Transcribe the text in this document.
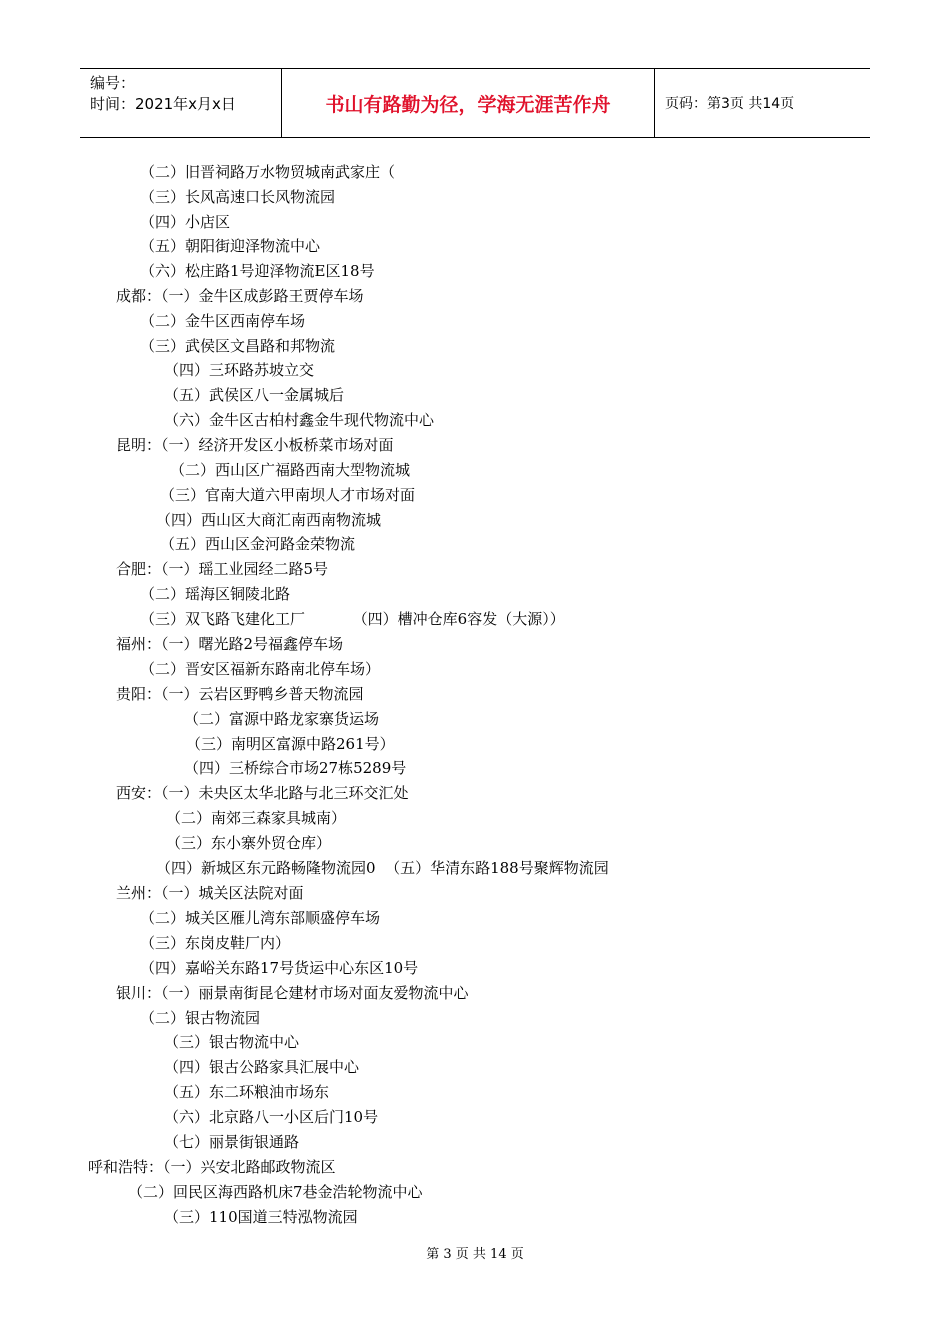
编号：
时间：2021年x月x日	书山有路勤为径，学海无涯苦作舟	页码：第3页 共14页
（二）旧晋祠路万水物贸城南武家庄（
（三）长风高速口长风物流园
（四）小店区
（五）朝阳街迎泽物流中心
（六）松庄路1号迎泽物流E区18号
成都：（一）金牛区成彭路王贾停车场
（二）金牛区西南停车场
（三）武侯区文昌路和邦物流
（四）三环路苏坡立交
（五）武侯区八一金属城后
（六）金牛区古柏村鑫金牛现代物流中心
昆明：（一）经济开发区小板桥菜市场对面
（二）西山区广福路西南大型物流城
（三）官南大道六甲南坝人才市场对面
（四）西山区大商汇南西南物流城
（五）西山区金河路金荣物流
合肥：（一）瑶工业园经二路5号
（二）瑶海区铜陵北路
（三）双飞路飞建化工厂          （四）槽冲仓库6容发（大源））
福州：（一）曙光路2号福鑫停车场
（二）晋安区福新东路南北停车场）
贵阳：（一）云岩区野鸭乡普天物流园
（二）富源中路龙家寨货运场
（三）南明区富源中路261号）
（四）三桥综合市场27栋5289号
西安：（一）未央区太华北路与北三环交汇处
（二）南郊三森家具城南）
（三）东小寨外贸仓库）
（四）新城区东元路畅隆物流园0  （五）华清东路188号聚辉物流园
兰州：（一）城关区法院对面
（二）城关区雁儿湾东部顺盛停车场
（三）东岗皮鞋厂内）
（四）嘉峪关东路17号货运中心东区10号
银川：（一）丽景南街昆仑建材市场对面友爱物流中心
（二）银古物流园
（三）银古物流中心
（四）银古公路家具汇展中心
（五）东二环粮油市场东
（六）北京路八一小区后门10号
（七）丽景街银通路
呼和浩特：（一）兴安北路邮政物流区
（二）回民区海西路机床7巷金浩轮物流中心
（三）110国道三特泓物流园
第 3 页 共 14 页
